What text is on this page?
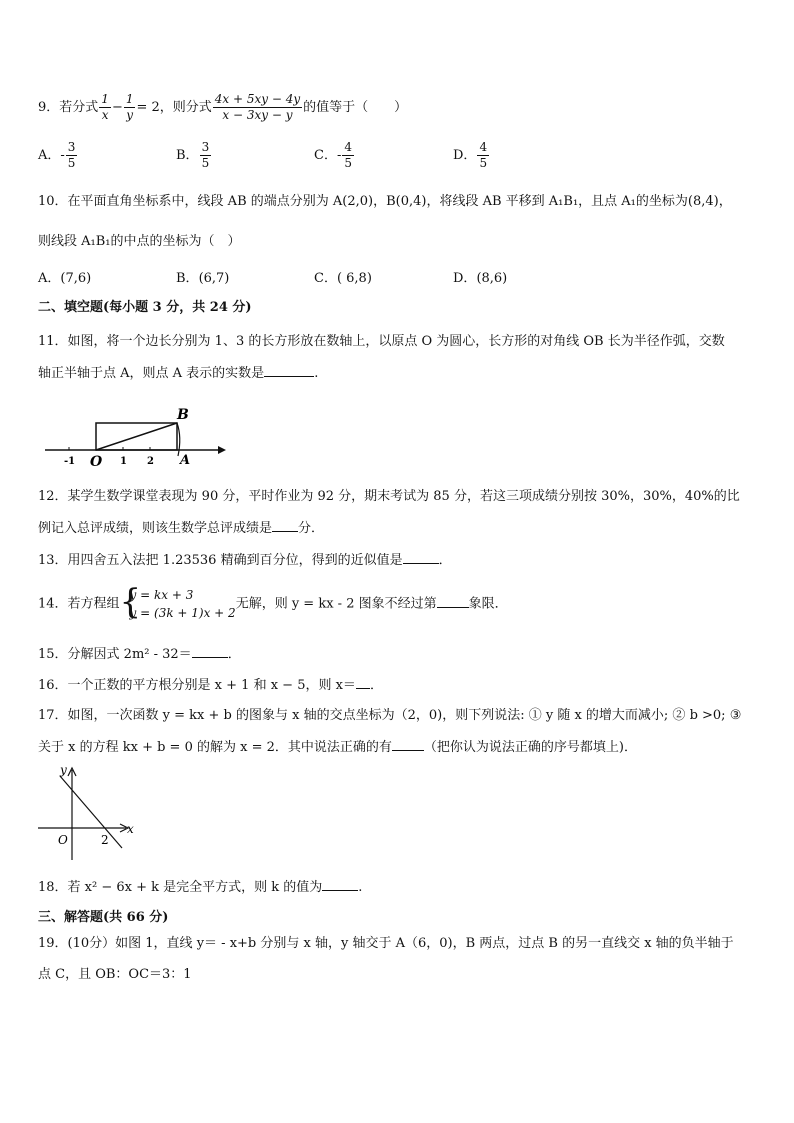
9．若分式 $\frac{1}{x} - \frac{1}{y} = 2$，则分式 $\frac{4x + 5xy - 4y}{x - 3xy - y}$ 的值等于（　　）
A．- $\frac{3}{5}$	B． $\frac{3}{5}$	C．- $\frac{4}{5}$	D． $\frac{4}{5}$
10．在平面直角坐标系中，线段 AB 的端点分别为 A(2,0)，B(0,4)，将线段 AB 平移到 A₁B₁，且点 A₁的坐标为(8,4)，
则线段 A₁B₁的中点的坐标为（　）
A．(7,6)	B．(6,7)	C．( 6,8)	D．(8,6)
二、填空题(每小题 3 分，共 24 分)
11．如图，将一个边长分别为 1、3 的长方形放在数轴上，以原点 O 为圆心，长方形的对角线 OB 长为半径作弧，交数
轴正半轴于点 A，则点 A 表示的实数是	.
B
O	A
-1	1 2
12．某学生数学课堂表现为 90 分，平时作业为 92 分，期末考试为 85 分，若这三项成绩分别按 30%，30%，40%的比
例记入总评成绩，则该生数学总评成绩是 分．
13．用四舍五入法把 1.23536 精确到百分位，得到的近似值是	．
14．若方程组 {
y = kx + 3
y = (3k + 1)x + 2
无解，则 y = kx - 2 图象不经过第 象限．
15．分解因式 2m² - 32＝	．
16．一个正数的平方根分别是 x + 1 和 x − 5，则 x＝ ．
17．如图，一次函数 y = kx + b 的图象与 x 轴的交点坐标为（2，0)，则下列说法: ① y 随 x 的增大而减小; ② b >0; ③
关于 x 的方程 kx + b = 0 的解为 x = 2．其中说法正确的有 （把你认为说法正确的序号都填上)．
y
x
O	2
18．若 x² − 6x + k 是完全平方式，则 k 的值为	.
三、解答题(共 66 分)
19．(10分）如图 1，直线 y＝ - x+b 分别与 x 轴，y 轴交于 A（6，0)，B 两点，过点 B 的另一直线交 x 轴的负半轴于
点 C，且 OB：OC＝3：1
